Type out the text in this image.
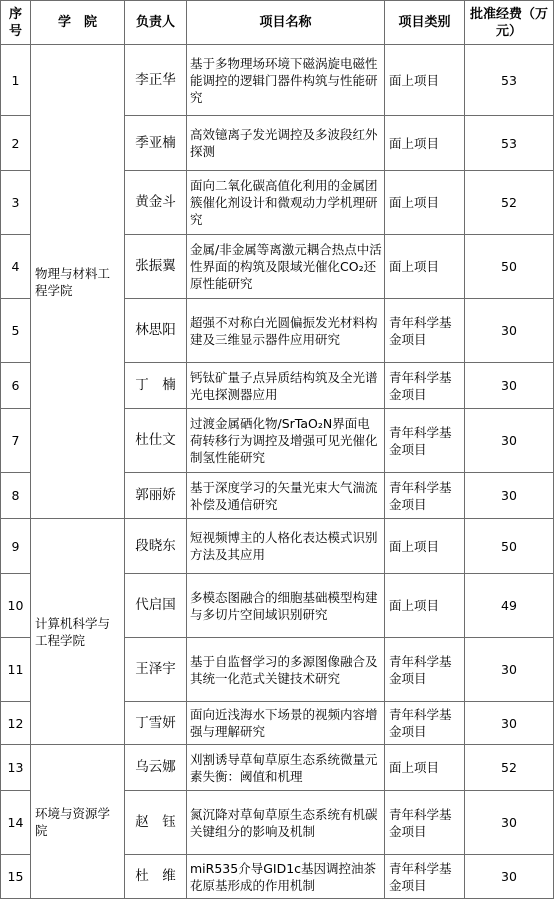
序号	学　院	负责人	项目名称	项目类别	批准经费（万元）
1	物理与材料工程学院	李正华	基于多物理场环境下磁涡旋电磁性能调控的逻辑门器件构筑与性能研究	面上项目	53
2		季亚楠	高效镱离子发光调控及多波段红外探测	面上项目	53
3		黄金斗	面向二氧化碳高值化利用的金属团簇催化剂设计和微观动力学机理研究	面上项目	52
4		张振翼	金属/非金属等离激元耦合热点中活性界面的构筑及限域光催化CO₂还原性能研究	面上项目	50
5		林思阳	超强不对称白光圆偏振发光材料构建及三维显示器件应用研究	青年科学基金项目	30
6		丁　楠	钙钛矿量子点异质结构筑及全光谱光电探测器应用	青年科学基金项目	30
7		杜仕文	过渡金属硒化物/SrTaO₂N界面电荷转移行为调控及增强可见光催化制氢性能研究	青年科学基金项目	30
8		郭丽娇	基于深度学习的矢量光束大气湍流补偿及通信研究	青年科学基金项目	30
9	计算机科学与工程学院	段晓东	短视频博主的人格化表达模式识别方法及其应用	面上项目	50
10		代启国	多模态图融合的细胞基础模型构建与多切片空间域识别研究	面上项目	49
11		王泽宇	基于自监督学习的多源图像融合及其统一化范式关键技术研究	青年科学基金项目	30
12		丁雪妍	面向近浅海水下场景的视频内容增强与理解研究	青年科学基金项目	30
13	环境与资源学院	乌云娜	刈割诱导草甸草原生态系统微量元素失衡：阈值和机理	面上项目	52
14		赵　钰	氮沉降对草甸草原生态系统有机碳关键组分的影响及机制	青年科学基金项目	30
15		杜　维	miR535介导GID1c基因调控油茶花原基形成的作用机制	青年科学基金项目	30
